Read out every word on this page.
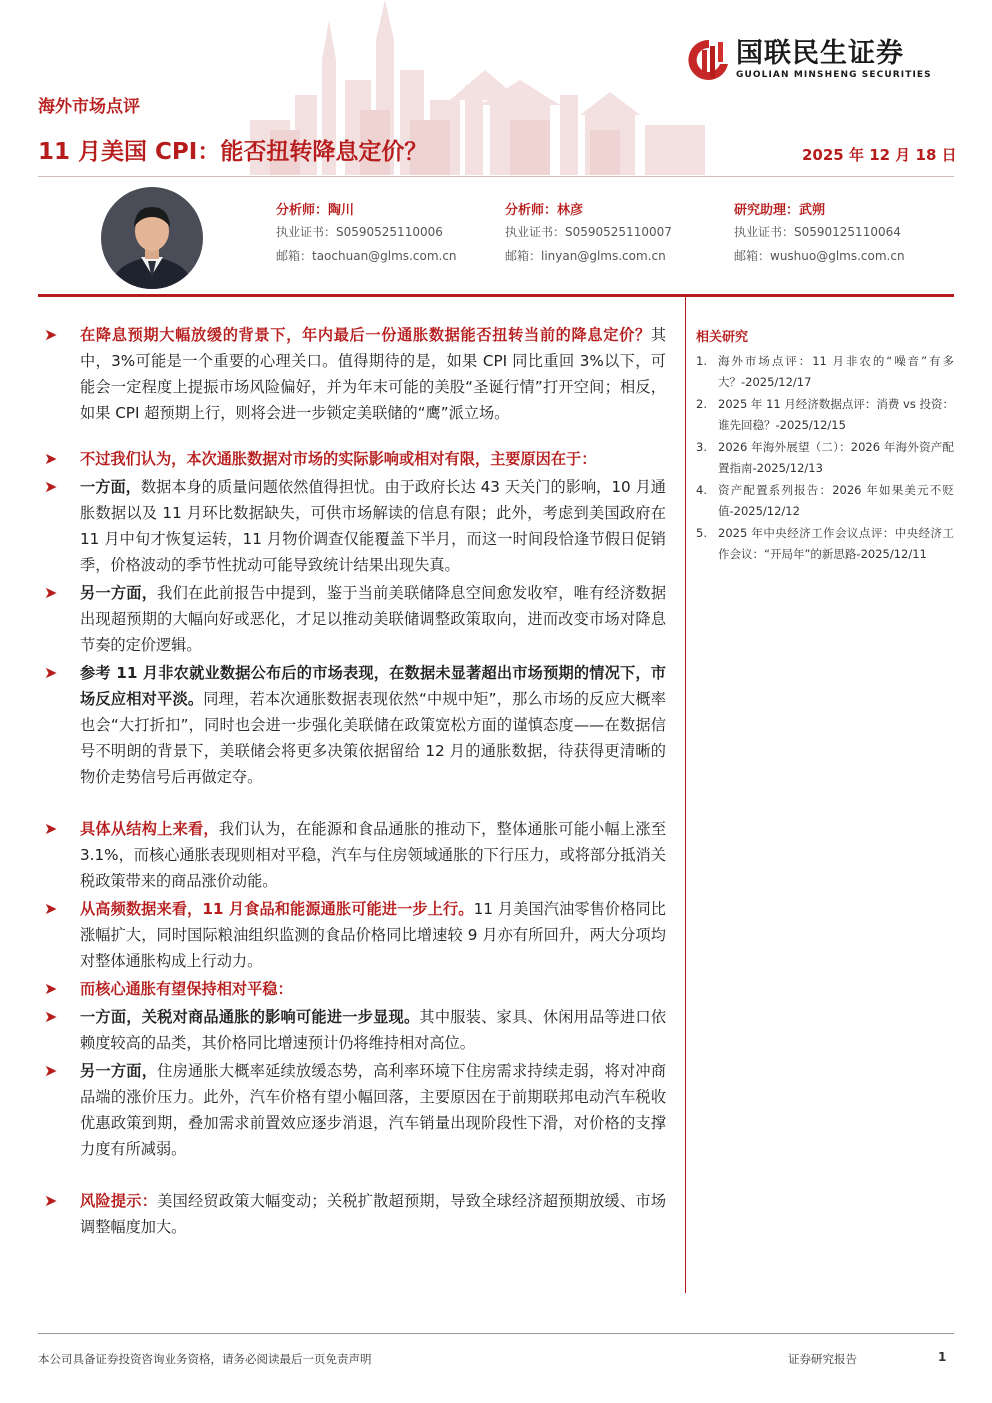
国联民生证券
GUOLIAN MINSHENG SECURITIES
海外市场点评
11 月美国 CPI：能否扭转降息定价？	2025 年 12 月 18 日
分析师：陶川
执业证书：S0590525110006
邮箱：taochuan@glms.com.cn
分析师：林彦
执业证书：S0590525110007
邮箱：linyan@glms.com.cn
研究助理：武朔
执业证书：S0590125110064
邮箱：wushuo@glms.com.cn
➤ 在降息预期大幅放缓的背景下，年内最后一份通胀数据能否扭转当前的降息定价？其中，3%可能是一个重要的心理关口。值得期待的是，如果 CPI 同比重回 3%以下，可能会一定程度上提振市场风险偏好，并为年末可能的美股“圣诞行情”打开空间；相反，如果 CPI 超预期上行，则将会进一步锁定美联储的“鹰”派立场。
➤ 不过我们认为，本次通胀数据对市场的实际影响或相对有限，主要原因在于：
➤ 一方面，数据本身的质量问题依然值得担忧。由于政府长达 43 天关门的影响，10 月通胀数据以及 11 月环比数据缺失，可供市场解读的信息有限；此外，考虑到美国政府在 11 月中旬才恢复运转，11 月物价调查仅能覆盖下半月，而这一时间段恰逢节假日促销季，价格波动的季节性扰动可能导致统计结果出现失真。
➤ 另一方面，我们在此前报告中提到，鉴于当前美联储降息空间愈发收窄，唯有经济数据出现超预期的大幅向好或恶化，才足以推动美联储调整政策取向，进而改变市场对降息节奏的定价逻辑。
➤ 参考 11 月非农就业数据公布后的市场表现，在数据未显著超出市场预期的情况下，市场反应相对平淡。同理，若本次通胀数据表现依然“中规中矩”，那么市场的反应大概率也会“大打折扣”，同时也会进一步强化美联储在政策宽松方面的谨慎态度——在数据信号不明朗的背景下，美联储会将更多决策依据留给 12 月的通胀数据，待获得更清晰的物价走势信号后再做定夺。
➤ 具体从结构上来看，我们认为，在能源和食品通胀的推动下，整体通胀可能小幅上涨至 3.1%，而核心通胀表现则相对平稳，汽车与住房领域通胀的下行压力，或将部分抵消关税政策带来的商品涨价动能。
➤ 从高频数据来看，11 月食品和能源通胀可能进一步上行。11 月美国汽油零售价格同比涨幅扩大，同时国际粮油组织监测的食品价格同比增速较 9 月亦有所回升，两大分项均对整体通胀构成上行动力。
➤ 而核心通胀有望保持相对平稳：
➤ 一方面，关税对商品通胀的影响可能进一步显现。其中服装、家具、休闲用品等进口依赖度较高的品类，其价格同比增速预计仍将维持相对高位。
➤ 另一方面，住房通胀大概率延续放缓态势，高利率环境下住房需求持续走弱，将对冲商品端的涨价压力。此外，汽车价格有望小幅回落，主要原因在于前期联邦电动汽车税收优惠政策到期，叠加需求前置效应逐步消退，汽车销量出现阶段性下滑，对价格的支撑力度有所减弱。
➤ 风险提示：美国经贸政策大幅变动；关税扩散超预期，导致全球经济超预期放缓、市场调整幅度加大。
相关研究
1. 海外市场点评：11 月非农的“噪音”有多大？-2025/12/17
2. 2025 年 11 月经济数据点评：消费 vs 投资：谁先回稳？-2025/12/15
3. 2026 年海外展望（二）：2026 年海外资产配置指南-2025/12/13
4. 资产配置系列报告：2026 年如果美元不贬值-2025/12/12
5. 2025 年中央经济工作会议点评：中央经济工作会议：“开局年”的新思路-2025/12/11
本公司具备证券投资咨询业务资格，请务必阅读最后一页免责声明	证券研究报告	1
